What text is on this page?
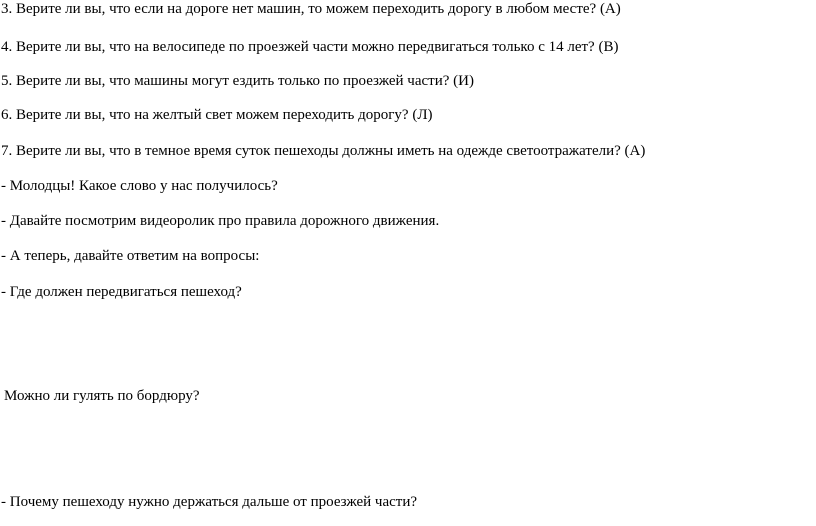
3. Верите ли вы, что если на дороге нет машин, то можем переходить дорогу в любом месте? (А)

4. Верите ли вы, что на велосипеде по проезжей части можно передвигаться только с 14 лет? (В)

5. Верите ли вы, что машины могут ездить только по проезжей части? (И)

6. Верите ли вы, что на желтый свет можем переходить дорогу? (Л)

7. Верите ли вы, что в темное время суток пешеходы должны иметь на одежде светоотражатели? (А)

- Молодцы! Какое слово у нас получилось?

- Давайте посмотрим видеоролик про правила дорожного движения.

- А теперь, давайте ответим на вопросы:

- Где должен передвигаться пешеход?

Можно ли гулять по бордюру?

- Почему пешеходу нужно держаться дальше от проезжей части?
